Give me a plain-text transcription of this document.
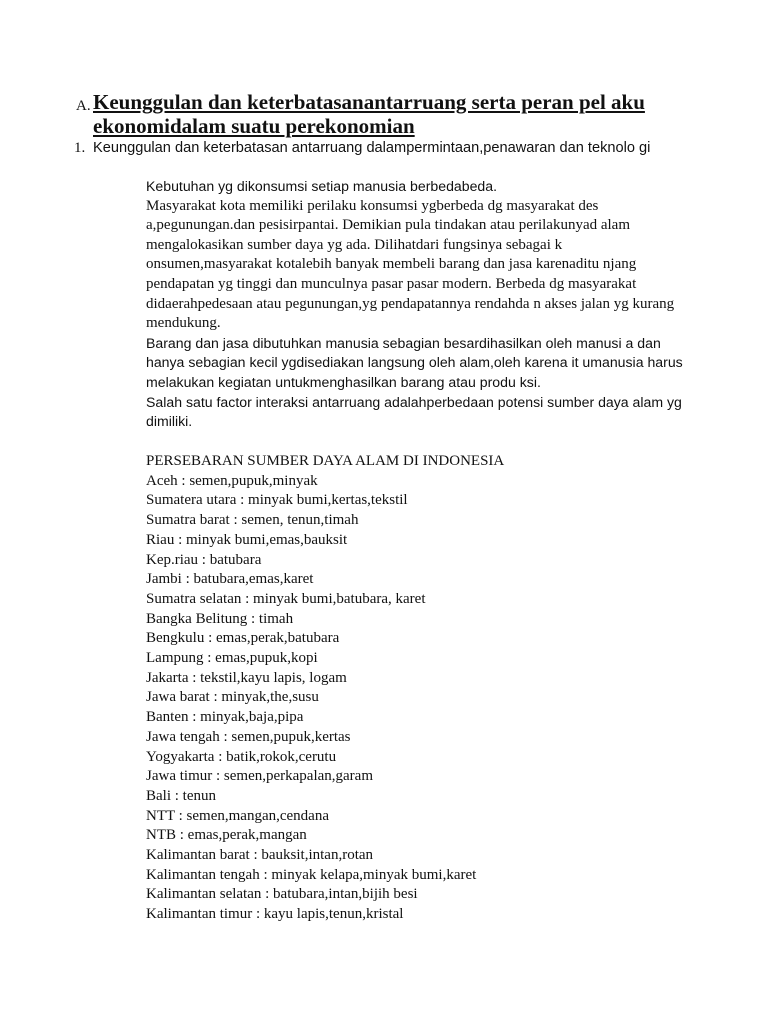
A. Keunggulan dan keterbatasanantarruang serta peran pel aku ekonomidalam suatu perekonomian
1. Keunggulan dan keterbatasan antarruang dalampermintaan,penawaran dan teknolo gi

Kebutuhan yg dikonsumsi setiap manusia berbedabeda.

Masyarakat kota memiliki perilaku konsumsi ygberbeda dg masyarakat des a,pegunungan.dan pesisirpantai. Demikian pula tindakan atau perilakunyad alam mengalokasikan sumber daya yg ada. Dilihatdari fungsinya sebagai k onsumen,masyarakat kotalebih banyak membeli barang dan jasa karenaditu njang pendapatan yg tinggi dan munculnya pasar pasar modern. Berbeda dg masyarakat didaerahpedesaan atau pegunungan,yg pendapatannya rendahda n akses jalan yg kurang mendukung.

Barang dan jasa dibutuhkan manusia sebagian besardihasilkan oleh manusi a dan hanya sebagian kecil ygdisediakan langsung oleh alam,oleh karena it umanusia harus melakukan kegiatan untukmenghasilkan barang atau produ ksi.

Salah satu factor interaksi antarruang adalahperbedaan potensi sumber daya alam yg dimiliki.

PERSEBARAN SUMBER DAYA ALAM DI INDONESIA

Aceh : semen,pupuk,minyak

Sumatera utara : minyak bumi,kertas,tekstil

Sumatra barat : semen, tenun,timah

Riau : minyak bumi,emas,bauksit

Kep.riau : batubara

Jambi : batubara,emas,karet

Sumatra selatan : minyak bumi,batubara, karet

Bangka Belitung : timah

Bengkulu : emas,perak,batubara

Lampung : emas,pupuk,kopi

Jakarta : tekstil,kayu lapis, logam

Jawa barat : minyak,the,susu

Banten : minyak,baja,pipa

Jawa tengah : semen,pupuk,kertas

Yogyakarta : batik,rokok,cerutu

Jawa timur : semen,perkapalan,garam

Bali : tenun

NTT : semen,mangan,cendana

NTB : emas,perak,mangan

Kalimantan barat : bauksit,intan,rotan

Kalimantan tengah : minyak kelapa,minyak bumi,karet

Kalimantan selatan : batubara,intan,bijih besi

Kalimantan timur : kayu lapis,tenun,kristal
